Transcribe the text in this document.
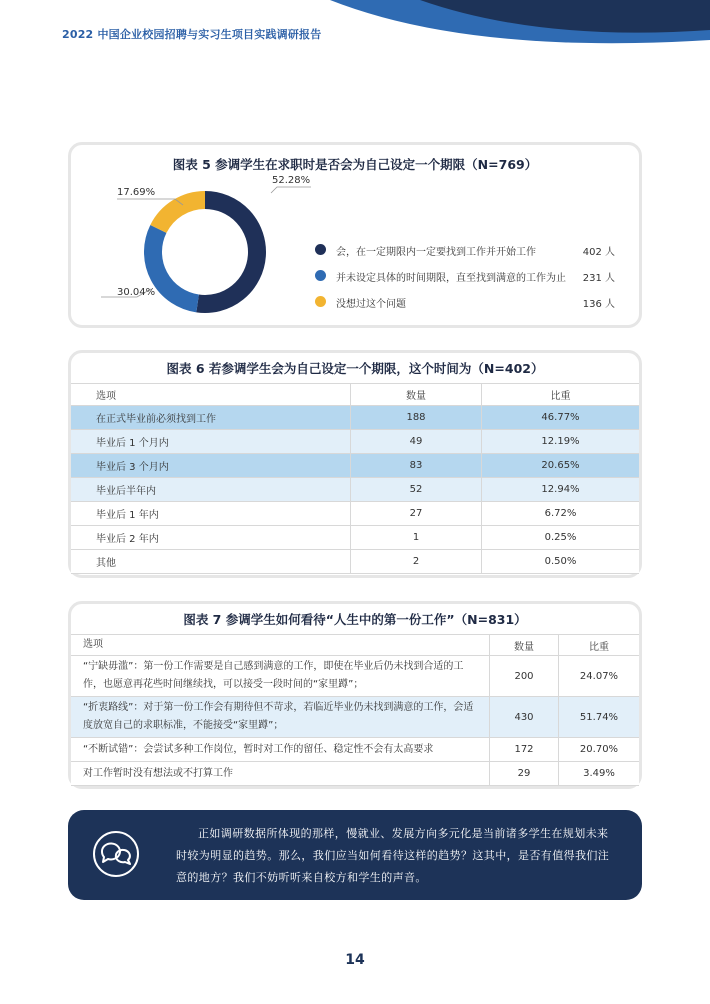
2022 中国企业校园招聘与实习生项目实践调研报告
图表 5 参调学生在求职时是否会为自己设定一个期限（N=769）
52.28%
30.04%
17.69%
会，在一定期限内一定要找到工作并开始工作	402 人
并未设定具体的时间期限，直至找到满意的工作为止 231 人
没想过这个问题	136 人
图表 6 若参调学生会为自己设定一个期限，这个时间为（N=402）
选项	数量	比重
在正式毕业前必须找到工作	188	46.77%
毕业后 1 个月内	49	12.19%
毕业后 3 个月内	83	20.65%
毕业后半年内	52	12.94%
毕业后 1 年内	27	6.72%
毕业后 2 年内	1	0.25%
其他	2	0.50%
图表 7 参调学生如何看待“人生中的第一份工作”（N=831）
选项	数量	比重
“宁缺毋滥”：第一份工作需要是自己感到满意的工作，即使在毕业后仍未找到合适的工作，也愿意再花些时间继续找，可以接受一段时间的“家里蹲”；	200	24.07%
“折衷路线”：对于第一份工作会有期待但不苛求，若临近毕业仍未找到满意的工作，会适度放宽自己的求职标准，不能接受“家里蹲”；	430	51.74%
“不断试错”：会尝试多种工作岗位，暂时对工作的留任、稳定性不会有太高要求	172	20.70%
对工作暂时没有想法或不打算工作	29	3.49%
正如调研数据所体现的那样，慢就业、发展方向多元化是当前诸多学生在规划未来时较为明显的趋势。那么，我们应当如何看待这样的趋势？这其中，是否有值得我们注意的地方？我们不妨听听来自校方和学生的声音。
14
